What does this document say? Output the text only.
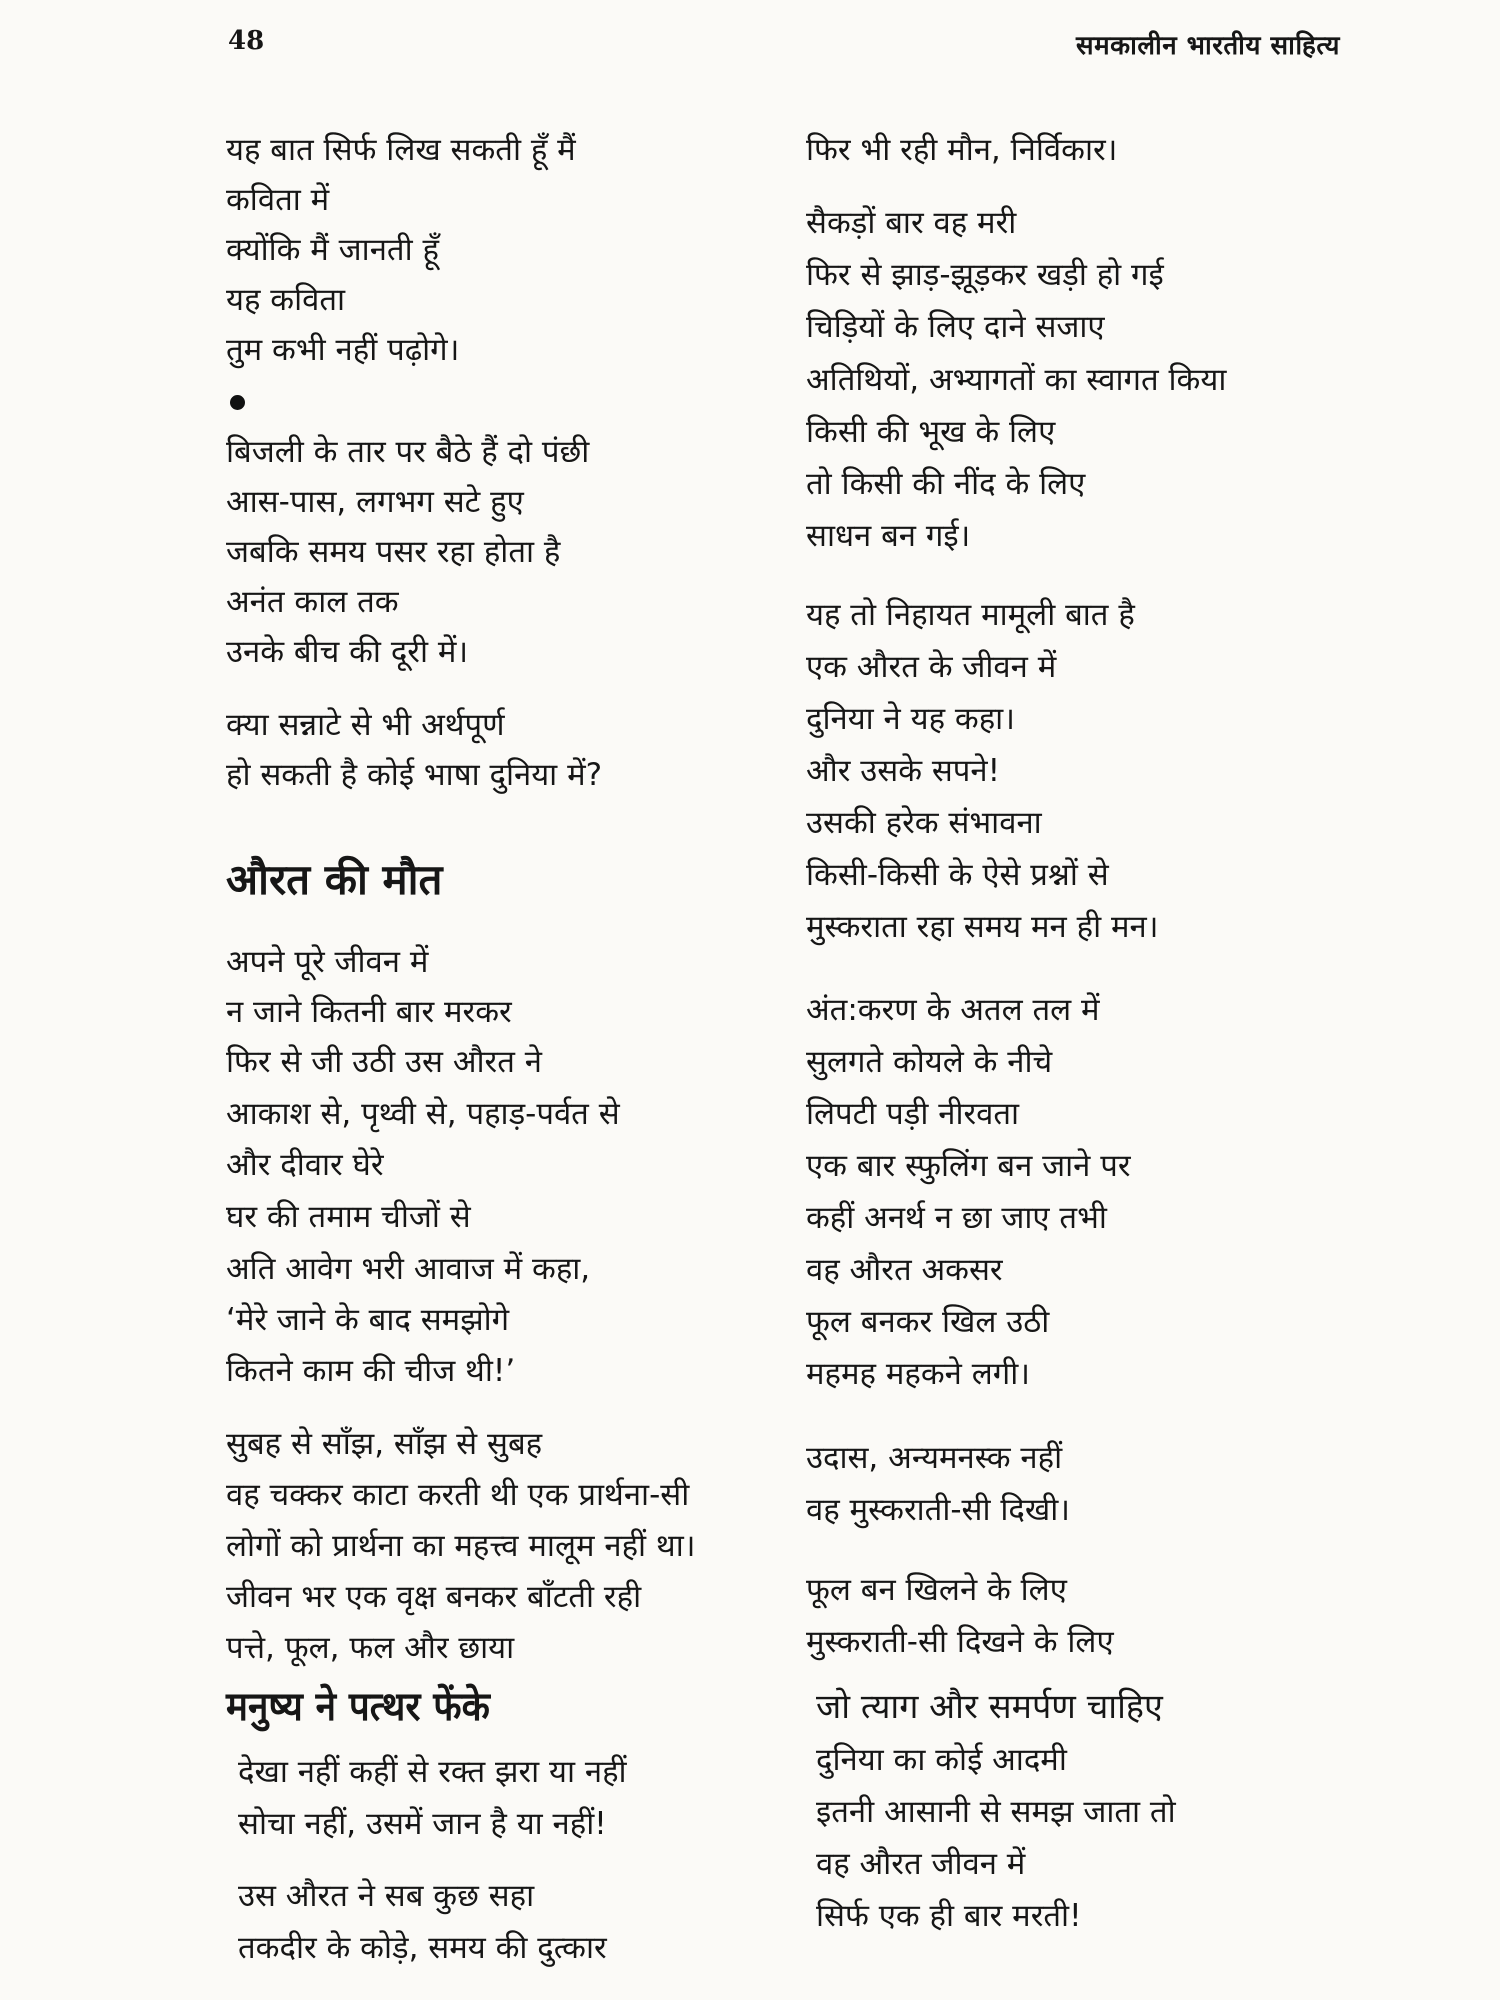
48	समकालीन भारतीय साहित्य
यह बात सिर्फ लिख सकती हूँ मैं
कविता में
क्योंकि मैं जानती हूँ
यह कविता
तुम कभी नहीं पढ़ोगे।
बिजली के तार पर बैठे हैं दो पंछी
आस-पास, लगभग सटे हुए
जबकि समय पसर रहा होता है
अनंत काल तक
उनके बीच की दूरी में।
क्या सन्नाटे से भी अर्थपूर्ण
हो सकती है कोई भाषा दुनिया में?
औरत की मौत
अपने पूरे जीवन में
न जाने कितनी बार मरकर
फिर से जी उठी उस औरत ने
आकाश से, पृथ्वी से, पहाड़-पर्वत से
और दीवार घेरे
घर की तमाम चीजों से
अति आवेग भरी आवाज में कहा,
‘मेरे जाने के बाद समझोगे
कितने काम की चीज थी!’
सुबह से साँझ, साँझ से सुबह
वह चक्कर काटा करती थी एक प्रार्थना-सी
लोगों को प्रार्थना का महत्त्व मालूम नहीं था।
जीवन भर एक वृक्ष बनकर बाँटती रही
पत्ते, फूल, फल और छाया
मनुष्य ने पत्थर फेंके
देखा नहीं कहीं से रक्त झरा या नहीं
सोचा नहीं, उसमें जान है या नहीं!
उस औरत ने सब कुछ सहा
तकदीर के कोड़े, समय की दुत्कार
फिर भी रही मौन, निर्विकार।
सैकड़ों बार वह मरी
फिर से झाड़-झूड़कर खड़ी हो गई
चिड़ियों के लिए दाने सजाए
अतिथियों, अभ्यागतों का स्वागत किया
किसी की भूख के लिए
तो किसी की नींद के लिए
साधन बन गई।
यह तो निहायत मामूली बात है
एक औरत के जीवन में
दुनिया ने यह कहा।
और उसके सपने!
उसकी हरेक संभावना
किसी-किसी के ऐसे प्रश्नों से
मुस्कराता रहा समय मन ही मन।
अंत:करण के अतल तल में
सुलगते कोयले के नीचे
लिपटी पड़ी नीरवता
एक बार स्फुलिंग बन जाने पर
कहीं अनर्थ न छा जाए तभी
वह औरत अकसर
फूल बनकर खिल उठी
महमह महकने लगी।
उदास, अन्यमनस्क नहीं
वह मुस्कराती-सी दिखी।
फूल बन खिलने के लिए
मुस्कराती-सी दिखने के लिए
जो त्याग और समर्पण चाहिए
दुनिया का कोई आदमी
इतनी आसानी से समझ जाता तो
वह औरत जीवन में
सिर्फ एक ही बार मरती!
